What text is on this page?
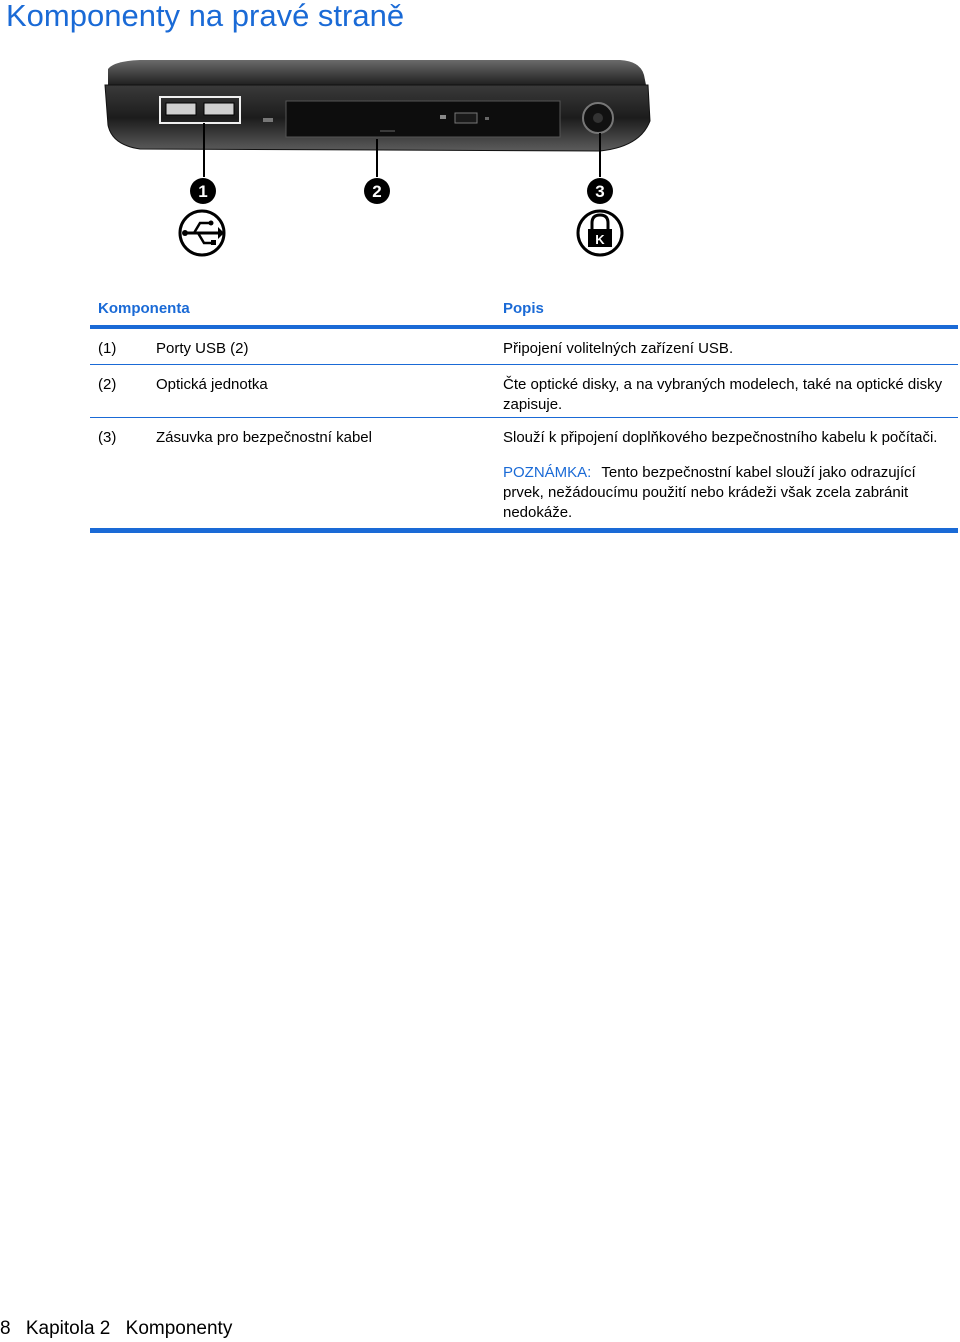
Komponenty na pravé straně
1	2	3
K
Komponenta	Popis
(1)	Porty USB (2)	Připojení volitelných zařízení USB.
(2)	Optická jednotka	Čte optické disky, a na vybraných modelech, také na optické disky zapisuje.
(3)	Zásuvka pro bezpečnostní kabel	Slouží k připojení doplňkového bezpečnostního kabelu k počítači.
POZNÁMKA: Tento bezpečnostní kabel slouží jako odrazující prvek, nežádoucímu použití nebo krádeži však zcela zabránit nedokáže.
8 Kapitola 2 Komponenty
